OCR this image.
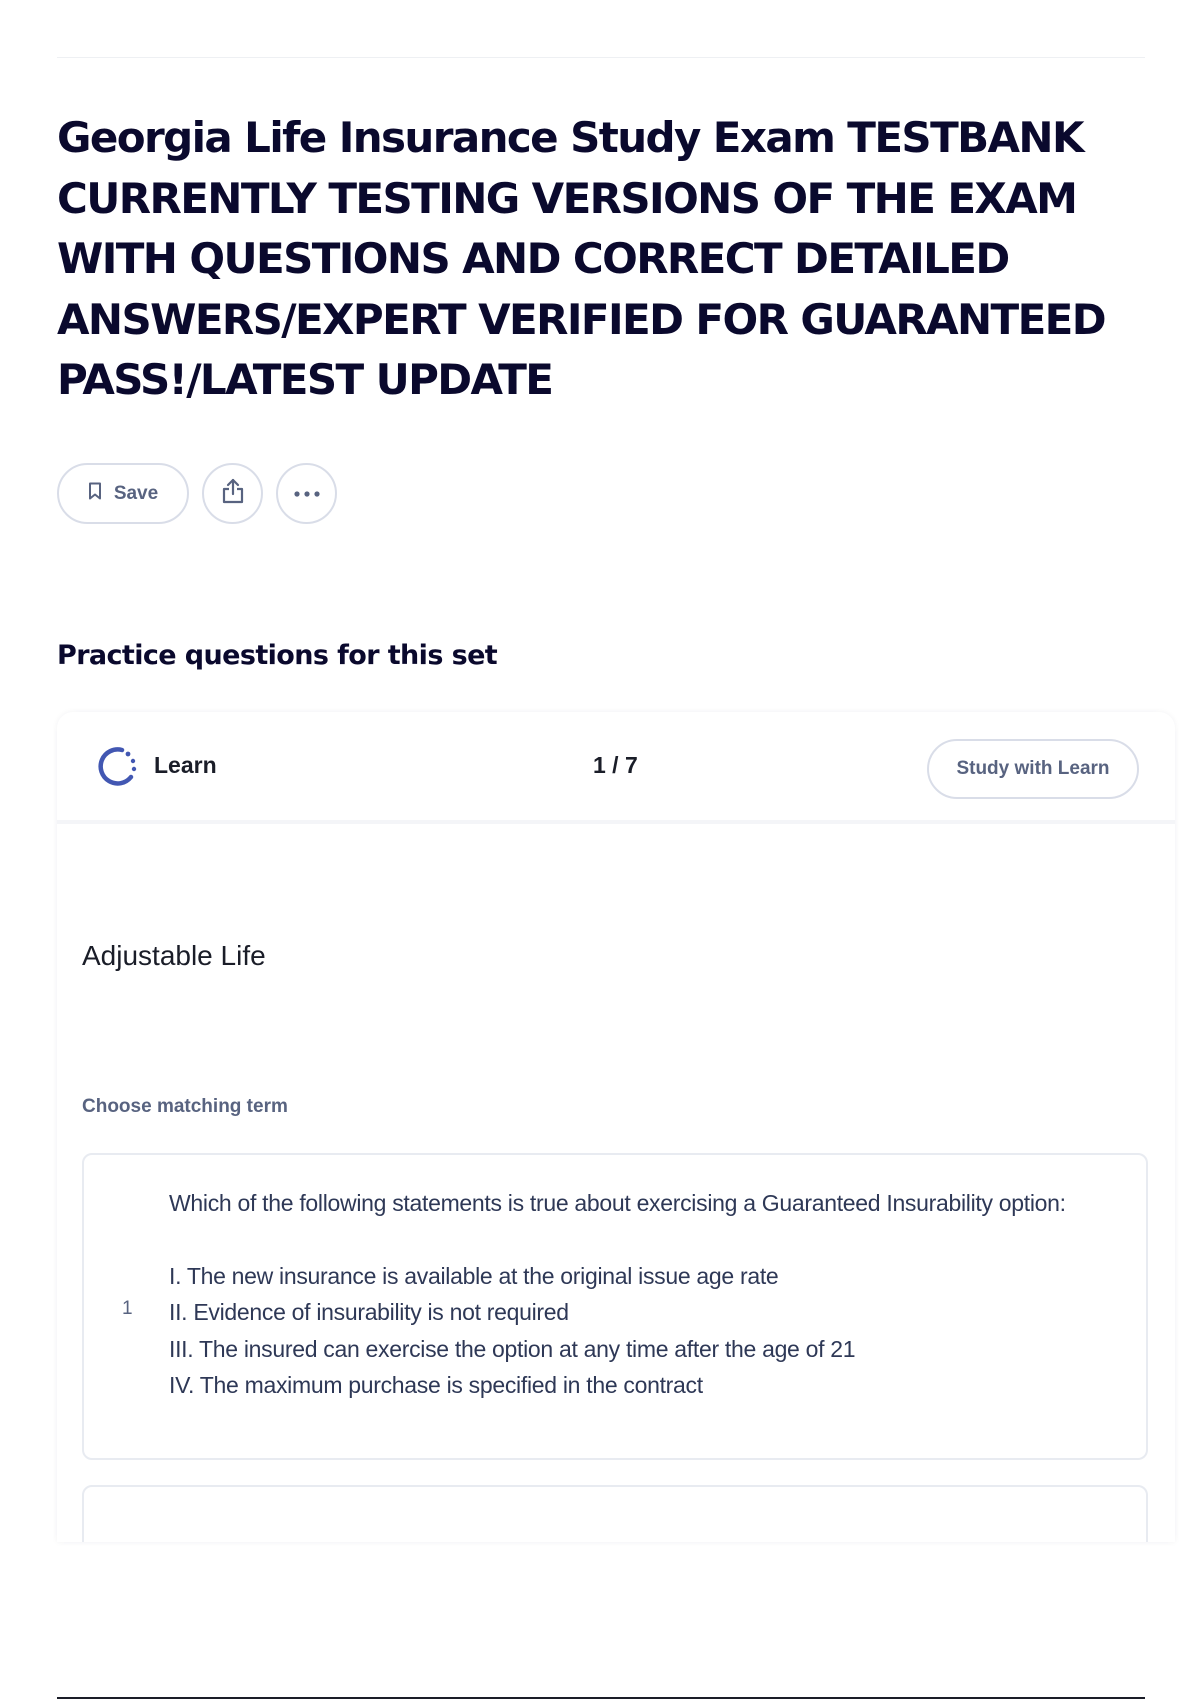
Georgia Life Insurance Study Exam TESTBANK CURRENTLY TESTING VERSIONS OF THE EXAM WITH QUESTIONS AND CORRECT DETAILED ANSWERS/EXPERT VERIFIED FOR GUARANTEED PASS!/LATEST UPDATE
Save
Practice questions for this set
Learn	1 / 7	Study with Learn
Adjustable Life
Choose matching term
1

Which of the following statements is true about exercising a Guaranteed Insurability option:

I. The new insurance is available at the original issue age rate

II. Evidence of insurability is not required

III. The insured can exercise the option at any time after the age of 21

IV. The maximum purchase is specified in the contract
